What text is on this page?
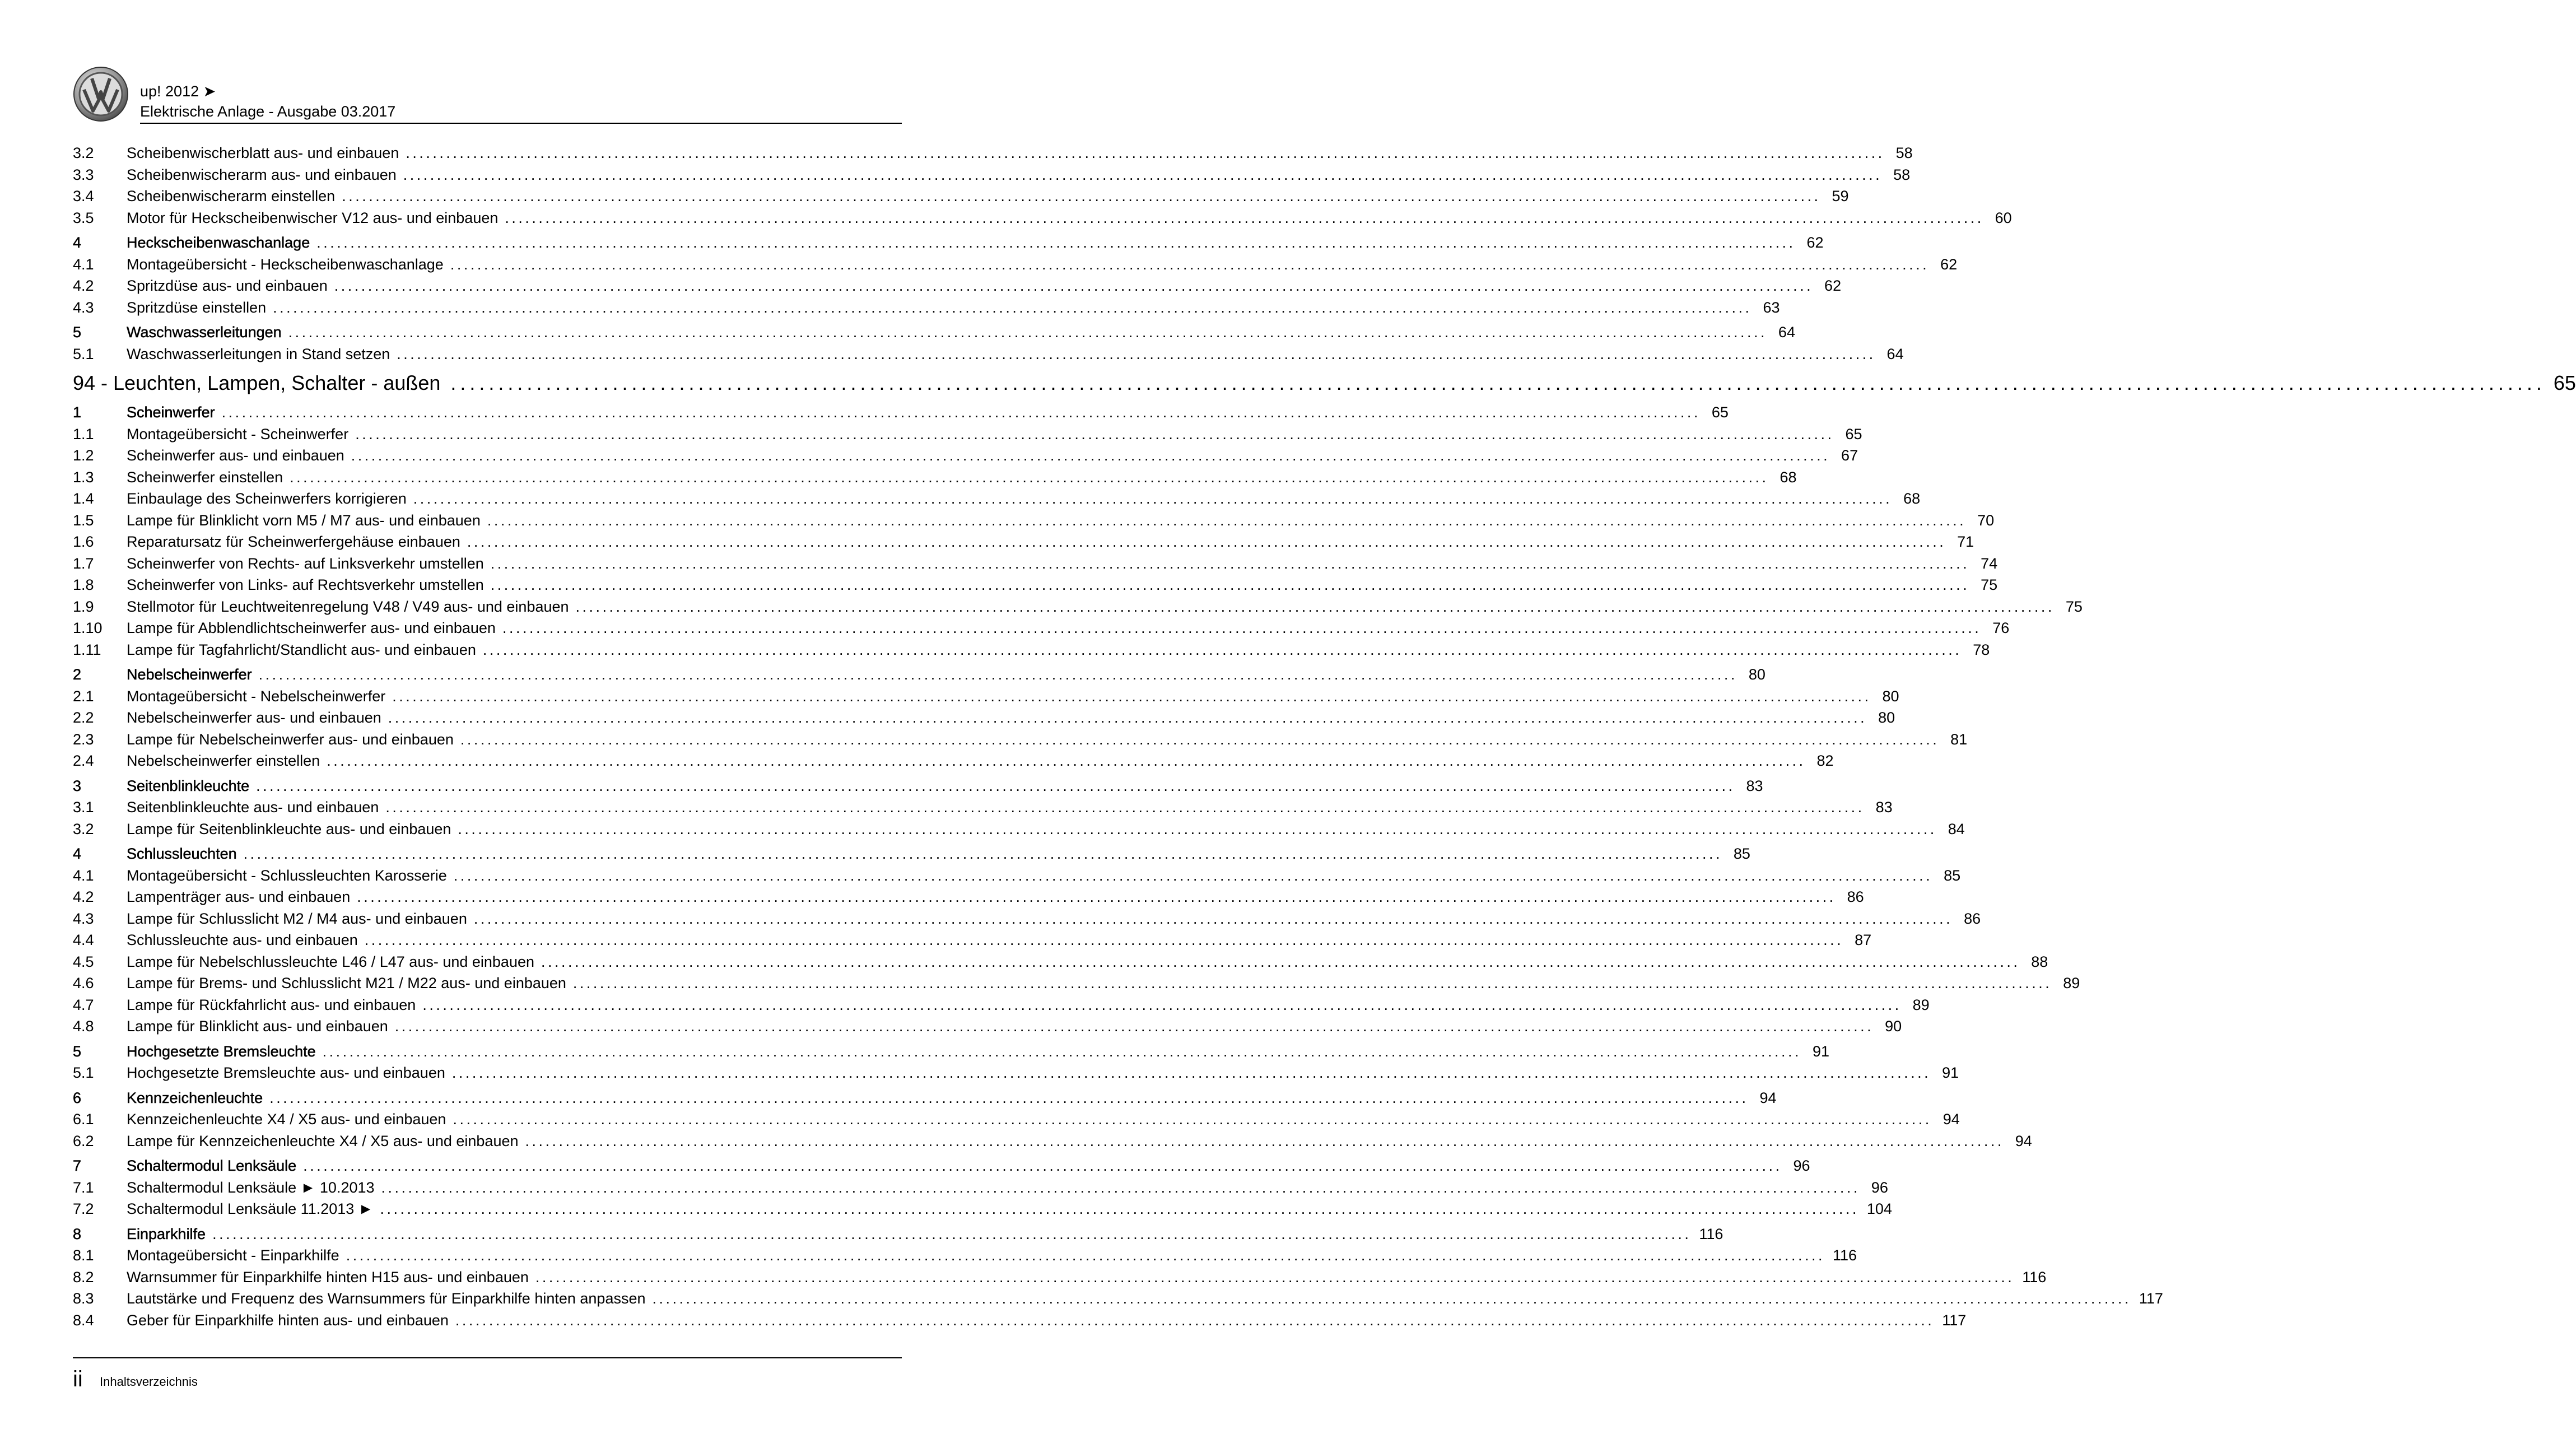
up! 2012 ➤
Elektrische Anlage - Ausgabe 03.2017
3.2	Scheibenwischerblatt aus- und einbauen ............................................................................................................................................................................................................................ 58
3.3	Scheibenwischerarm aus- und einbauen ............................................................................................................................................................................................................................ 58
3.4	Scheibenwischerarm einstellen ............................................................................................................................................................................................................................ 59
3.5	Motor für Heckscheibenwischer V12 aus- und einbauen ............................................................................................................................................................................................................................ 60
4	Heckscheibenwaschanlage ............................................................................................................................................................................................................................ 62
4.1	Montageübersicht - Heckscheibenwaschanlage ............................................................................................................................................................................................................................ 62
4.2	Spritzdüse aus- und einbauen ............................................................................................................................................................................................................................ 62
4.3	Spritzdüse einstellen ............................................................................................................................................................................................................................ 63
5	Waschwasserleitungen ............................................................................................................................................................................................................................ 64
5.1	Waschwasserleitungen in Stand setzen ............................................................................................................................................................................................................................ 64
94 - Leuchten, Lampen, Schalter - außen ............................................................................................................................................................................................................................ 65
1	Scheinwerfer ............................................................................................................................................................................................................................ 65
1.1	Montageübersicht - Scheinwerfer ............................................................................................................................................................................................................................ 65
1.2	Scheinwerfer aus- und einbauen ............................................................................................................................................................................................................................ 67
1.3	Scheinwerfer einstellen ............................................................................................................................................................................................................................ 68
1.4	Einbaulage des Scheinwerfers korrigieren ............................................................................................................................................................................................................................ 68
1.5	Lampe für Blinklicht vorn M5 / M7 aus- und einbauen ............................................................................................................................................................................................................................ 70
1.6	Reparatursatz für Scheinwerfergehäuse einbauen ............................................................................................................................................................................................................................ 71
1.7	Scheinwerfer von Rechts- auf Linksverkehr umstellen ............................................................................................................................................................................................................................ 74
1.8	Scheinwerfer von Links- auf Rechtsverkehr umstellen ............................................................................................................................................................................................................................ 75
1.9	Stellmotor für Leuchtweitenregelung V48 / V49 aus- und einbauen ............................................................................................................................................................................................................................ 75
1.10	Lampe für Abblendlichtscheinwerfer aus- und einbauen ............................................................................................................................................................................................................................ 76
1.11	Lampe für Tagfahrlicht/Standlicht aus- und einbauen ............................................................................................................................................................................................................................ 78
2	Nebelscheinwerfer ............................................................................................................................................................................................................................ 80
2.1	Montageübersicht - Nebelscheinwerfer ............................................................................................................................................................................................................................ 80
2.2	Nebelscheinwerfer aus- und einbauen ............................................................................................................................................................................................................................ 80
2.3	Lampe für Nebelscheinwerfer aus- und einbauen ............................................................................................................................................................................................................................ 81
2.4	Nebelscheinwerfer einstellen ............................................................................................................................................................................................................................ 82
3	Seitenblinkleuchte ............................................................................................................................................................................................................................ 83
3.1	Seitenblinkleuchte aus- und einbauen ............................................................................................................................................................................................................................ 83
3.2	Lampe für Seitenblinkleuchte aus- und einbauen ............................................................................................................................................................................................................................ 84
4	Schlussleuchten ............................................................................................................................................................................................................................ 85
4.1	Montageübersicht - Schlussleuchten Karosserie ............................................................................................................................................................................................................................ 85
4.2	Lampenträger aus- und einbauen ............................................................................................................................................................................................................................ 86
4.3	Lampe für Schlusslicht M2 / M4 aus- und einbauen ............................................................................................................................................................................................................................ 86
4.4	Schlussleuchte aus- und einbauen ............................................................................................................................................................................................................................ 87
4.5	Lampe für Nebelschlussleuchte L46 / L47 aus- und einbauen ............................................................................................................................................................................................................................ 88
4.6	Lampe für Brems- und Schlusslicht M21 / M22 aus- und einbauen ............................................................................................................................................................................................................................ 89
4.7	Lampe für Rückfahrlicht aus- und einbauen ............................................................................................................................................................................................................................ 89
4.8	Lampe für Blinklicht aus- und einbauen ............................................................................................................................................................................................................................ 90
5	Hochgesetzte Bremsleuchte ............................................................................................................................................................................................................................ 91
5.1	Hochgesetzte Bremsleuchte aus- und einbauen ............................................................................................................................................................................................................................ 91
6	Kennzeichenleuchte ............................................................................................................................................................................................................................ 94
6.1	Kennzeichenleuchte X4 / X5 aus- und einbauen ............................................................................................................................................................................................................................ 94
6.2	Lampe für Kennzeichenleuchte X4 / X5 aus- und einbauen ............................................................................................................................................................................................................................ 94
7	Schaltermodul Lenksäule ............................................................................................................................................................................................................................ 96
7.1	Schaltermodul Lenksäule ► 10.2013 ............................................................................................................................................................................................................................ 96
7.2	Schaltermodul Lenksäule 11.2013 ► ............................................................................................................................................................................................................................ 104
8	Einparkhilfe ............................................................................................................................................................................................................................ 116
8.1	Montageübersicht - Einparkhilfe ............................................................................................................................................................................................................................ 116
8.2	Warnsummer für Einparkhilfe hinten H15 aus- und einbauen ............................................................................................................................................................................................................................ 116
8.3	Lautstärke und Frequenz des Warnsummers für Einparkhilfe hinten anpassen ............................................................................................................................................................................................................................ 117
8.4	Geber für Einparkhilfe hinten aus- und einbauen ............................................................................................................................................................................................................................ 117
ii Inhaltsverzeichnis
